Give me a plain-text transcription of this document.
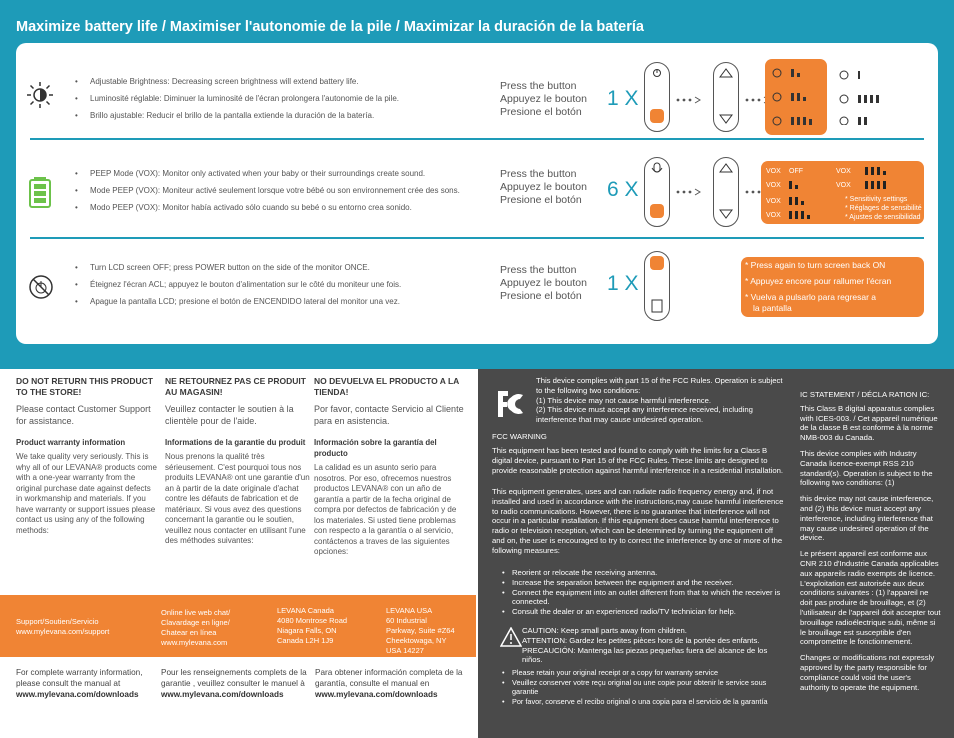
Maximize battery life / Maximiser l'autonomie de la pile / Maximizar la duración de la batería
• Adjustable Brightness: Decreasing screen brightness will extend battery life.
• Luminosité réglable: Diminuer la luminosité de l'écran prolongera l'autonomie de la pile.
• Brillo ajustable: Reducir el brillo de la pantalla extiende la duración de la batería.
Press the button
Appuyez le bouton
Presione el botón
1 X
• PEEP Mode (VOX): Monitor only activated when your baby or their surroundings create sound.
• Mode PEEP (VOX): Moniteur activé seulement lorsque votre bébé ou son environnement crée des sons.
• Modo PEEP (VOX): Monitor había activado sólo cuando su bebé o su entorno crea sonido.
Press the button
Appuyez le bouton
Presione el botón 6 X
VOX OFF
VOX
VOX
VOX
VOX
VOX
* Sensitivity settings
* Réglages de sensibilité
* Ajustes de sensibilidad
• Turn LCD screen OFF; press POWER button on the side of the monitor ONCE.
• Éteignez l'écran ACL; appuyez le bouton d'alimentation sur le côté du moniteur une fois.
• Apague la pantalla LCD; presione el botón de ENCENDIDO lateral del monitor una vez.
Press the button
Appuyez le bouton
Presione el botón
1 X
* Press again to turn screen back ON
* Appuyez encore pour rallumer l'écran
* Vuelva a pulsarlo para regresar a
la pantalla
DO NOT RETURN THIS PRODUCT TO THE STORE!
Please contact Customer Support for assistance.
Product warranty information

We take quality very seriously. This is why all of our LEVANA® products come with a one-year warranty from the original purchase date against defects in workmanship and materials. If you have warranty or support issues please contact us using any of the following methods:

NE RETOURNEZ PAS CE PRODUIT AU MAGASIN!
Veuillez contacter le soutien à la clientèle pour de l'aide.
Informations de la garantie du produit

Nous prenons la qualité très sérieusement. C'est pourquoi tous nos produits LEVANA® ont une garantie d'un an à partir de la date originale d'achat contre les défauts de fabrication et de matériaux. Si vous avez des questions concernant la garantie ou le soutien, veuillez nous contacter en utilisant l'une des méthodes suivantes:

NO DEVUELVA EL PRODUCTO A LA TIENDA!
Por favor, contacte Servicio al Cliente para en asistencia.
Información sobre la garantía del producto

La calidad es un asunto serio para nosotros. Por eso, ofrecemos nuestros productos LEVANA® con un año de garantía a partir de la fecha original de compra por defectos de fabricación y de los materiales. Si usted tiene problemas con respecto a la garantía o al servicio, contáctenos a traves de las siguientes opciones:

Support/Soutien/Servicio
www.mylevana.com/support
Online live web chat/
Clavardage en ligne/
Chatear en línea
www.mylevana.com
LEVANA Canada
4080 Montrose Road
Niagara Falls, ON
Canada L2H 1J9
LEVANA USA
60 Industrial
Parkway, Suite #Z64
Cheektowaga, NY
USA 14227
For complete warranty information, please consult the manual at
www.mylevana.com/downloads
Pour les renseignements complets de la garantie , veuillez consulter le manuel à
www.mylevana.com/downloads
Para obtener información completa de la garantía, consulte el manual en
www.mylevana.com/downloads
This device complies with part 15 of the FCC Rules. Operation is subject to the following two conditions:
(1) This device may not cause harmful interference.
(2) This device must accept any interference received, including interference that may cause undesired operation.
FCC WARNING
This equipment has been tested and found to comply with the limits for a Class B digital device, pursuant to Part 15 of the FCC Rules. These limits are designed to provide reasonable protection against harmful interference in a residential installation.
This equipment generates, uses and can radiate radio frequency energy and, if not installed and used in accordance with the instructions,may cause harmful interference to radio communications. However, there is no guarantee that interference will not occur in a particular installation. If this equipment does cause harmful interference to radio or television reception, which can be determined by turning the equipment off and on, the user is encouraged to try to correct the interference by one or more of the following measures:
• Reorient or relocate the receiving antenna.
• Increase the separation between the equipment and the receiver.
• Connect the equipment into an outlet different from that to which the receiver is connected.
• Consult the dealer or an experienced radio/TV technician for help.
CAUTION: Keep small parts away from children.
ATTENTION: Gardez les petites pièces hors de la portée des enfants.
PRECAUCIÓN: Mantenga las piezas pequeñas fuera del alcance de los niños.
• Please retain your original receipt or a copy for warranty service
• Veuillez conserver votre reçu original ou une copie pour obtenir le service sous garantie
• Por favor, conserve el recibo original o una copia para el servicio de la garantía
IC STATEMENT / DÉCLA RATION IC:
This Class B digital apparatus complies with ICES-003. / Cet appareil numérique de la classe B est conforme à la norme NMB-003 du Canada.
This device complies with Industry Canada licence-exempt RSS 210 standard(s). Operation is subject to the following two conditions: (1)
this device may not cause interference, and (2) this device must accept any interference, including interference that may cause undesired operation of the device.
Le présent appareil est conforme aux CNR 210 d'Industrie Canada applicables aux appareils radio exempts de licence. L'exploitation est autorisée aux deux conditions suivantes : (1) l'appareil ne doit pas produire de brouillage, et (2) l'utilisateur de l'appareil doit accepter tout brouillage radioélectrique subi, même si le brouillage est susceptible d'en compromettre le fonctionnement.
Changes or modifications not expressly approved by the party responsible for compliance could void the user's authority to operate the equipment.
